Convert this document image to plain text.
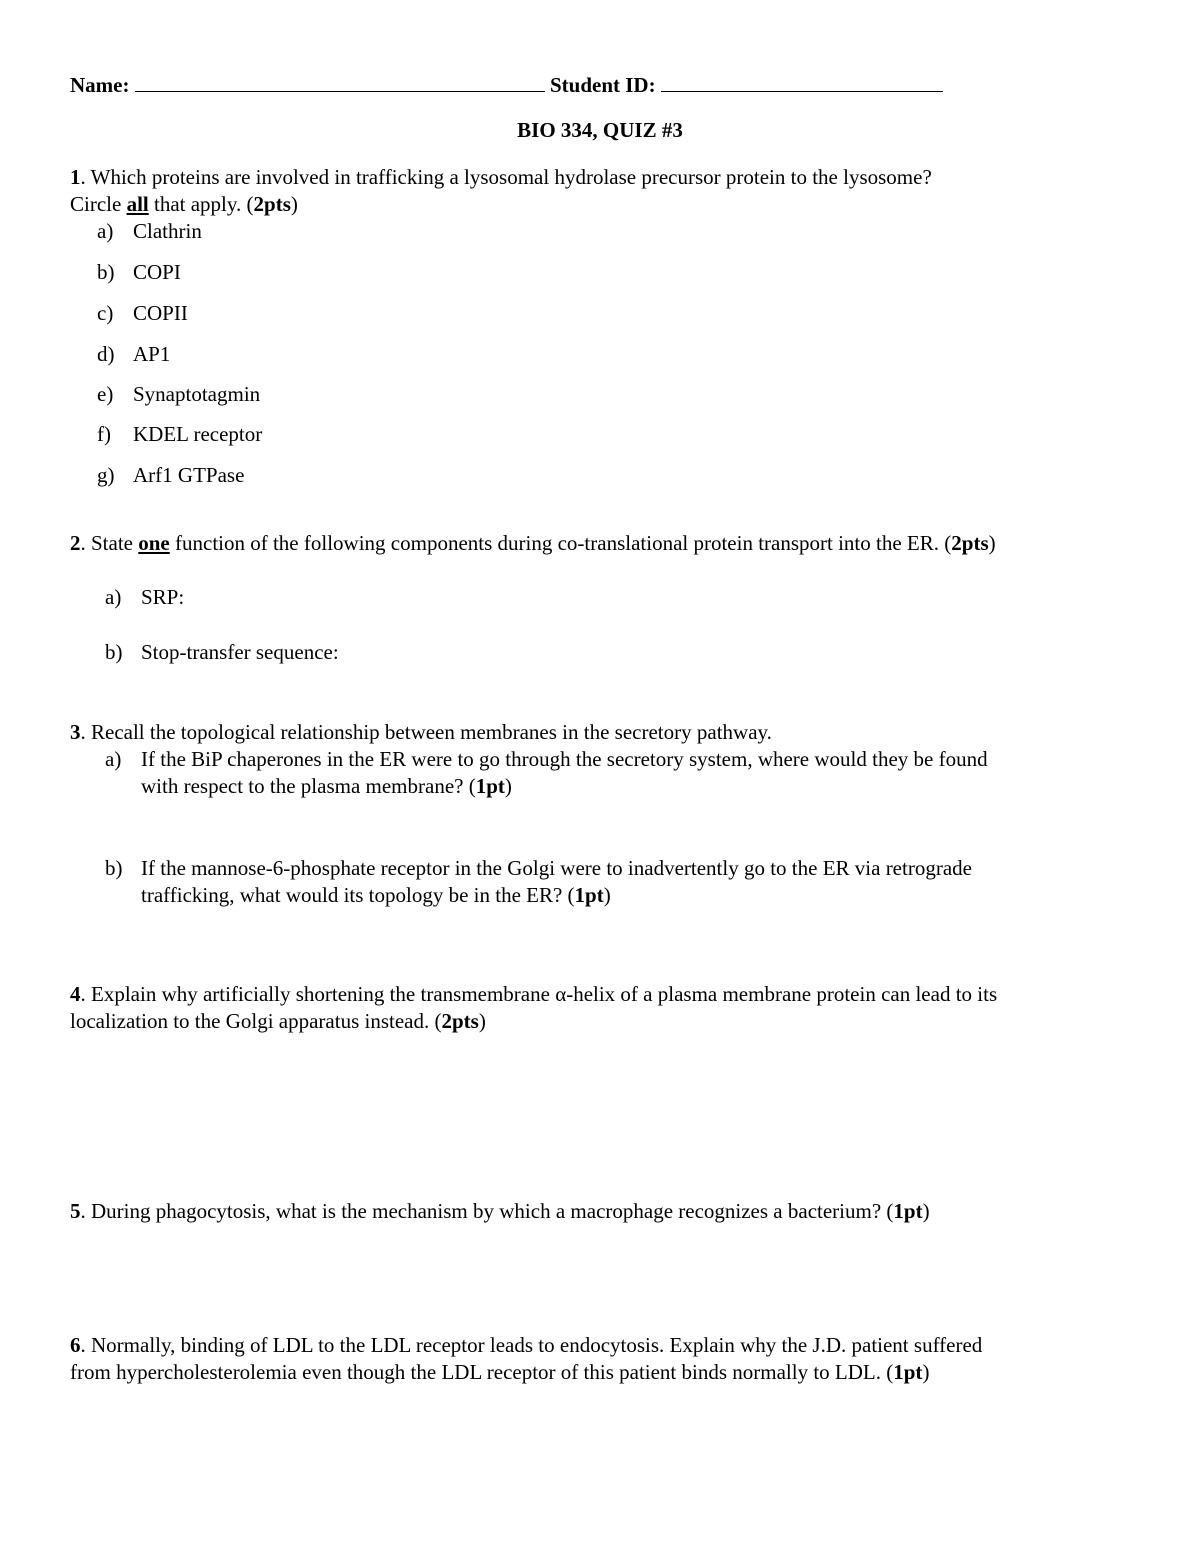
Name:	Student ID:
BIO 334, QUIZ #3
1. Which proteins are involved in trafficking a lysosomal hydrolase precursor protein to the lysosome?
Circle all that apply. (2pts)
a) Clathrin
b) COPI
c) COPII
d) AP1
e) Synaptotagmin
f) KDEL receptor
g) Arf1 GTPase
2. State one function of the following components during co-translational protein transport into the ER. (2pts)
a) SRP:
b) Stop-transfer sequence:
3. Recall the topological relationship between membranes in the secretory pathway.
a) If the BiP chaperones in the ER were to go through the secretory system, where would they be found
with respect to the plasma membrane? (1pt)
b) If the mannose-6-phosphate receptor in the Golgi were to inadvertently go to the ER via retrograde
trafficking, what would its topology be in the ER? (1pt)
4. Explain why artificially shortening the transmembrane α-helix of a plasma membrane protein can lead to its
localization to the Golgi apparatus instead. (2pts)
5. During phagocytosis, what is the mechanism by which a macrophage recognizes a bacterium? (1pt)
6. Normally, binding of LDL to the LDL receptor leads to endocytosis. Explain why the J.D. patient suffered
from hypercholesterolemia even though the LDL receptor of this patient binds normally to LDL. (1pt)
